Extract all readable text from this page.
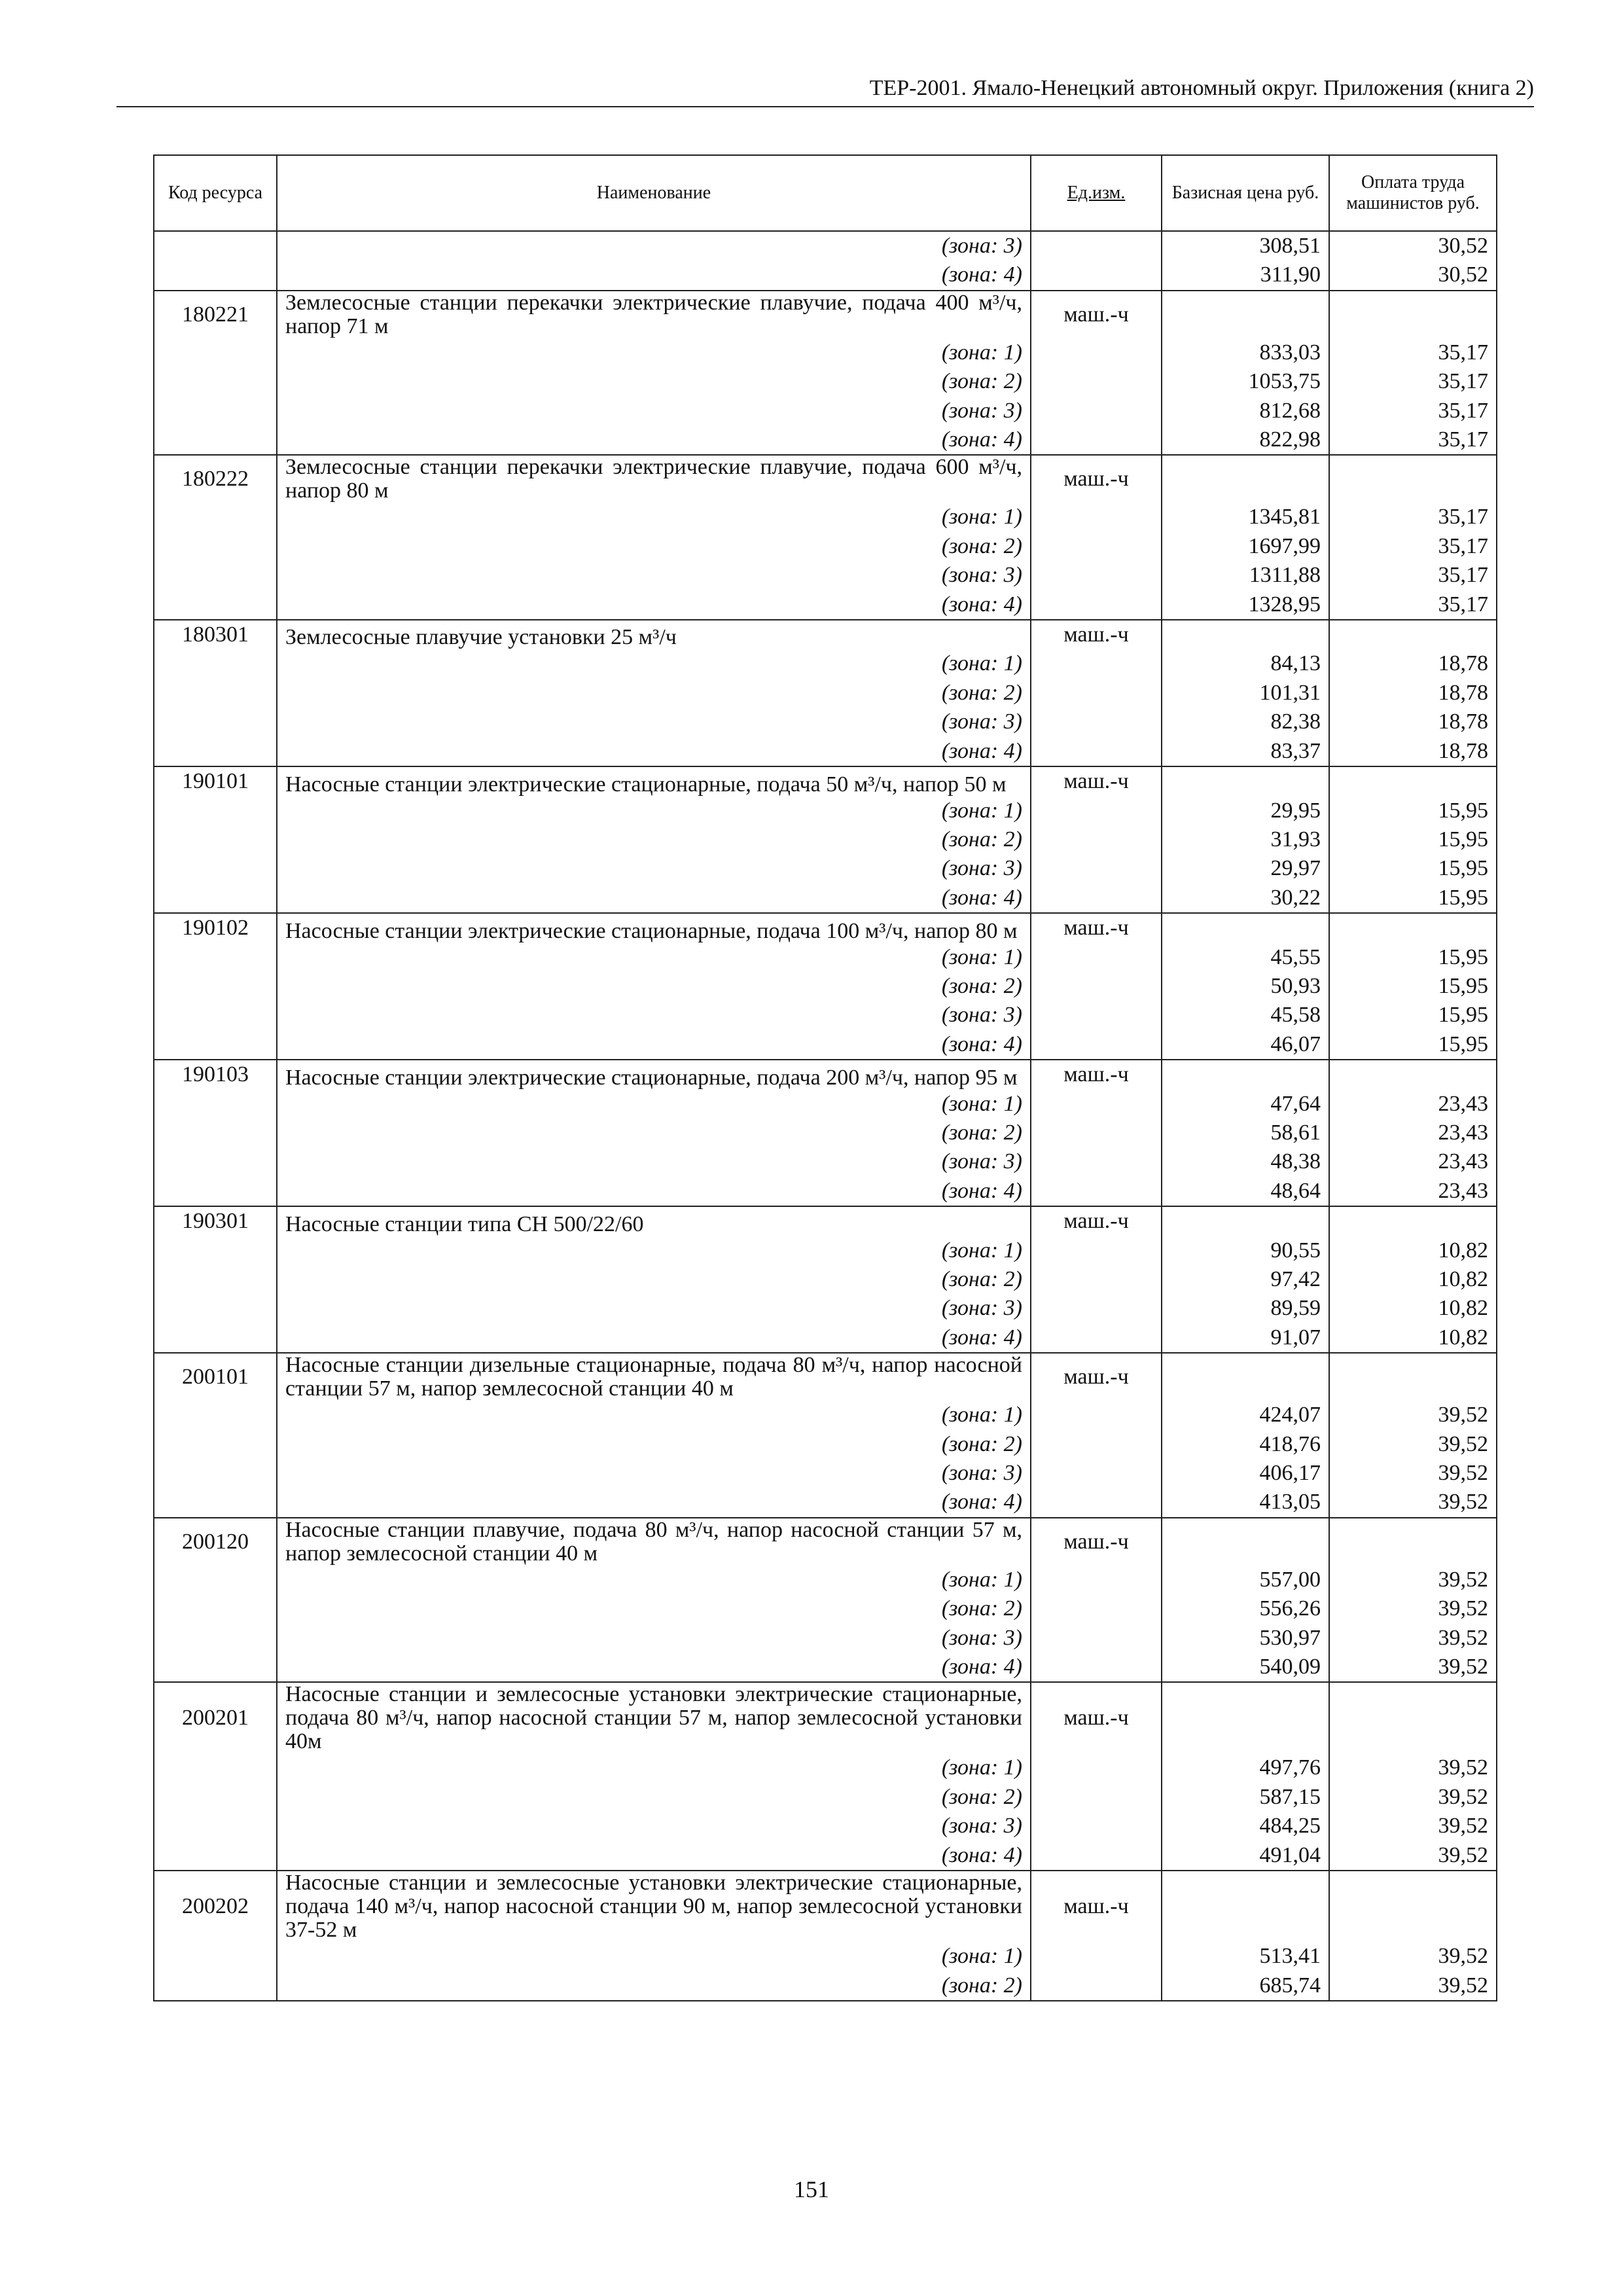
ТЕР-2001. Ямало-Ненецкий автономный округ. Приложения (книга 2)
Код ресурса	Наименование	Ед.изм.	Базисная цена руб.	Оплата труда машинистов руб.
	(зона: 3)		308,51	30,52
	(зона: 4)		311,90	30,52
180221	Землесосные станции перекачки электрические плавучие, подача 400 м³/ч, напор 71 м	маш.-ч		
	(зона: 1)		833,03	35,17
	(зона: 2)		1053,75	35,17
	(зона: 3)		812,68	35,17
	(зона: 4)		822,98	35,17
180222	Землесосные станции перекачки электрические плавучие, подача 600 м³/ч, напор 80 м	маш.-ч		
	(зона: 1)		1345,81	35,17
	(зона: 2)		1697,99	35,17
	(зона: 3)		1311,88	35,17
	(зона: 4)		1328,95	35,17
180301	Землесосные плавучие установки 25 м³/ч	маш.-ч		
	(зона: 1)		84,13	18,78
	(зона: 2)		101,31	18,78
	(зона: 3)		82,38	18,78
	(зона: 4)		83,37	18,78
190101	Насосные станции электрические стационарные, подача 50 м³/ч, напор 50 м	маш.-ч		
	(зона: 1)		29,95	15,95
	(зона: 2)		31,93	15,95
	(зона: 3)		29,97	15,95
	(зона: 4)		30,22	15,95
190102	Насосные станции электрические стационарные, подача 100 м³/ч, напор 80 м	маш.-ч		
	(зона: 1)		45,55	15,95
	(зона: 2)		50,93	15,95
	(зона: 3)		45,58	15,95
	(зона: 4)		46,07	15,95
190103	Насосные станции электрические стационарные, подача 200 м³/ч, напор 95 м	маш.-ч		
	(зона: 1)		47,64	23,43
	(зона: 2)		58,61	23,43
	(зона: 3)		48,38	23,43
	(зона: 4)		48,64	23,43
190301	Насосные станции типа СН 500/22/60	маш.-ч		
	(зона: 1)		90,55	10,82
	(зона: 2)		97,42	10,82
	(зона: 3)		89,59	10,82
	(зона: 4)		91,07	10,82
200101	Насосные станции дизельные стационарные, подача 80 м³/ч, напор насосной станции 57 м, напор землесосной станции 40 м	маш.-ч		
	(зона: 1)		424,07	39,52
	(зона: 2)		418,76	39,52
	(зона: 3)		406,17	39,52
	(зона: 4)		413,05	39,52
200120	Насосные станции плавучие, подача 80 м³/ч, напор насосной станции 57 м, напор землесосной станции 40 м	маш.-ч		
	(зона: 1)		557,00	39,52
	(зона: 2)		556,26	39,52
	(зона: 3)		530,97	39,52
	(зона: 4)		540,09	39,52
200201	Насосные станции и землесосные установки электрические стационарные, подача 80 м³/ч, напор насосной станции 57 м, напор землесосной установки 40м	маш.-ч		
	(зона: 1)		497,76	39,52
	(зона: 2)		587,15	39,52
	(зона: 3)		484,25	39,52
	(зона: 4)		491,04	39,52
200202	Насосные станции и землесосные установки электрические стационарные, подача 140 м³/ч, напор насосной станции 90 м, напор землесосной установки 37-52 м	маш.-ч		
	(зона: 1)		513,41	39,52
	(зона: 2)		685,74	39,52
151
